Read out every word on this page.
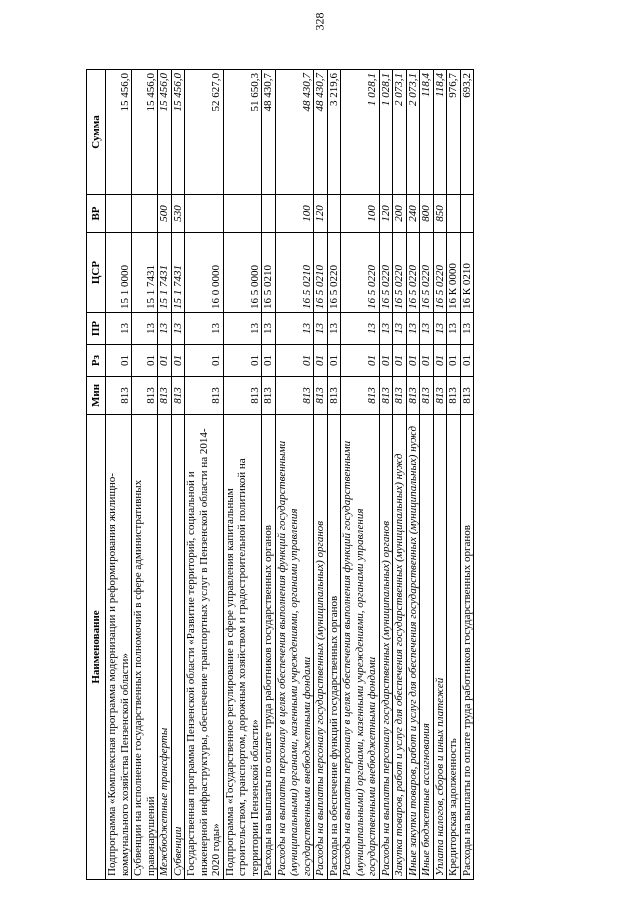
328
Наименование	Мин	Рз	ПР	ЦСР	ВР	Сумма
Подпрограмма «Комплексная программа модернизации и реформирования жилищно-коммунального хозяйства Пензенской области»	813	01	13	15 1 0000		15 456,0
Субвенции на исполнение государственных полномочий в сфере административных правонарушений	813	01	13	15 1 7431		15 456,0
Межбюджетные трансферты	813	01	13	15 1 7431	500	15 456,0
Субвенции	813	01	13	15 1 7431	530	15 456,0
Государственная программа Пензенской области «Развитие территорий, социальной и инженерной инфраструктуры, обеспечение транспортных услуг в Пензенской области на 2014-2020 годы»	813	01	13	16 0 0000		52 627,0
Подпрограмма «Государственное регулирование в сфере управления капитальным строительством, транспортом, дорожным хозяйством и градостроительной политикой на территории Пензенской области»	813	01	13	16 5 0000		51 650,3
Расходы на выплаты по оплате труда работников государственных органов	813	01	13	16 5 0210		48 430,7
Расходы на выплаты персоналу в целях обеспечения выполнения функций государственными (муниципальными) органами, казенными учреждениями, органами управления государственными внебюджетными фондами	813	01	13	16 5 0210	100	48 430,7
Расходы на выплаты персоналу государственных (муниципальных) органов	813	01	13	16 5 0210	120	48 430,7
Расходы на обеспечение функций государственных органов	813	01	13	16 5 0220		3 219,6
Расходы на выплаты персоналу в целях обеспечения выполнения функций государственными (муниципальными) органами, казенными учреждениями, органами управления государственными внебюджетными фондами	813	01	13	16 5 0220	100	1 028,1
Расходы на выплаты персоналу государственных (муниципальных) органов	813	01	13	16 5 0220	120	1 028,1
Закупка товаров, работ и услуг для обеспечения государственных (муниципальных) нужд	813	01	13	16 5 0220	200	2 073,1
Иные закупки товаров, работ и услуг для обеспечения государственных (муниципальных) нужд	813	01	13	16 5 0220	240	2 073,1
Иные бюджетные ассигнования	813	01	13	16 5 0220	800	118,4
Уплата налогов, сборов и иных платежей	813	01	13	16 5 0220	850	118,4
Кредиторская задолженность	813	01	13	16 К 0000		976,7
Расходы на выплаты по оплате труда работников государственных органов	813	01	13	16 К 0210		693,2
